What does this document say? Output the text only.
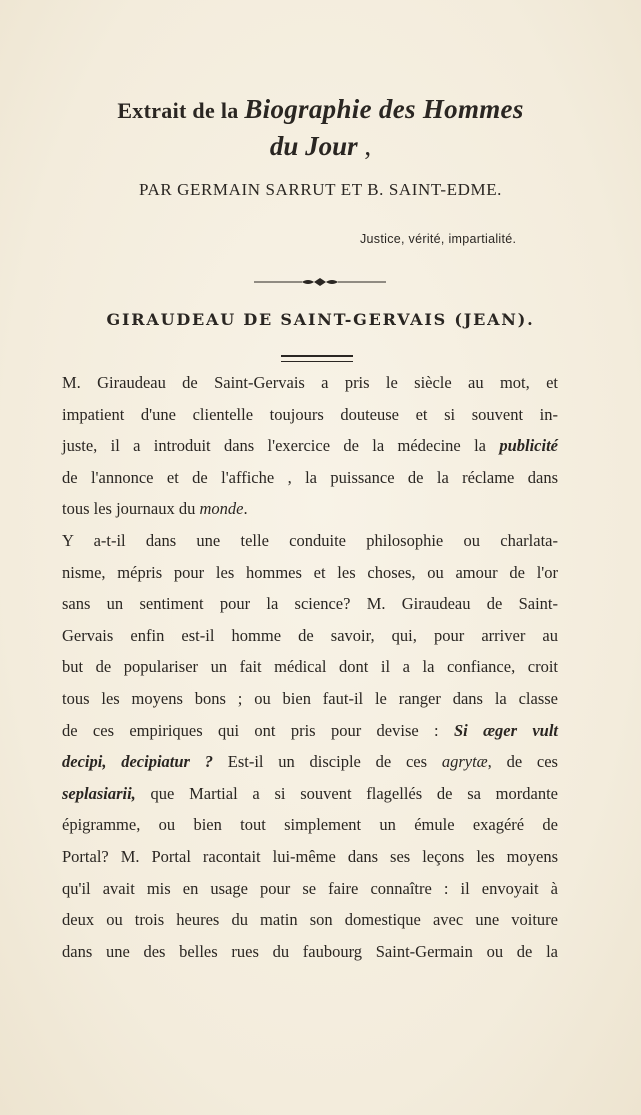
Extrait de la Biographie des Hommes
du Jour ,
PAR GERMAIN SARRUT ET B. SAINT-EDME.
Justice, vérité, impartialité.
GIRAUDEAU DE SAINT-GERVAIS (JEAN).
M. Giraudeau de Saint-Gervais a pris le siècle au mot, et
impatient d'une clientelle toujours douteuse et si souvent in-
juste, il a introduit dans l'exercice de la médecine la publicité
de l'annonce et de l'affiche , la puissance de la réclame dans
tous les journaux du monde.
Y a-t-il dans une telle conduite philosophie ou charlata-
nisme, mépris pour les hommes et les choses, ou amour de l'or
sans un sentiment pour la science? M. Giraudeau de Saint-
Gervais enfin est-il homme de savoir, qui, pour arriver au
but de populariser un fait médical dont il a la confiance, croit
tous les moyens bons ; ou bien faut-il le ranger dans la classe
de ces empiriques qui ont pris pour devise : Si æger vult
decipi, decipiatur ? Est-il un disciple de ces agrytæ, de ces
seplasiarii, que Martial a si souvent flagellés de sa mordante
épigramme, ou bien tout simplement un émule exagéré de
Portal? M. Portal racontait lui-même dans ses leçons les moyens
qu'il avait mis en usage pour se faire connaître : il envoyait à
deux ou trois heures du matin son domestique avec une voiture
dans une des belles rues du faubourg Saint-Germain ou de la
